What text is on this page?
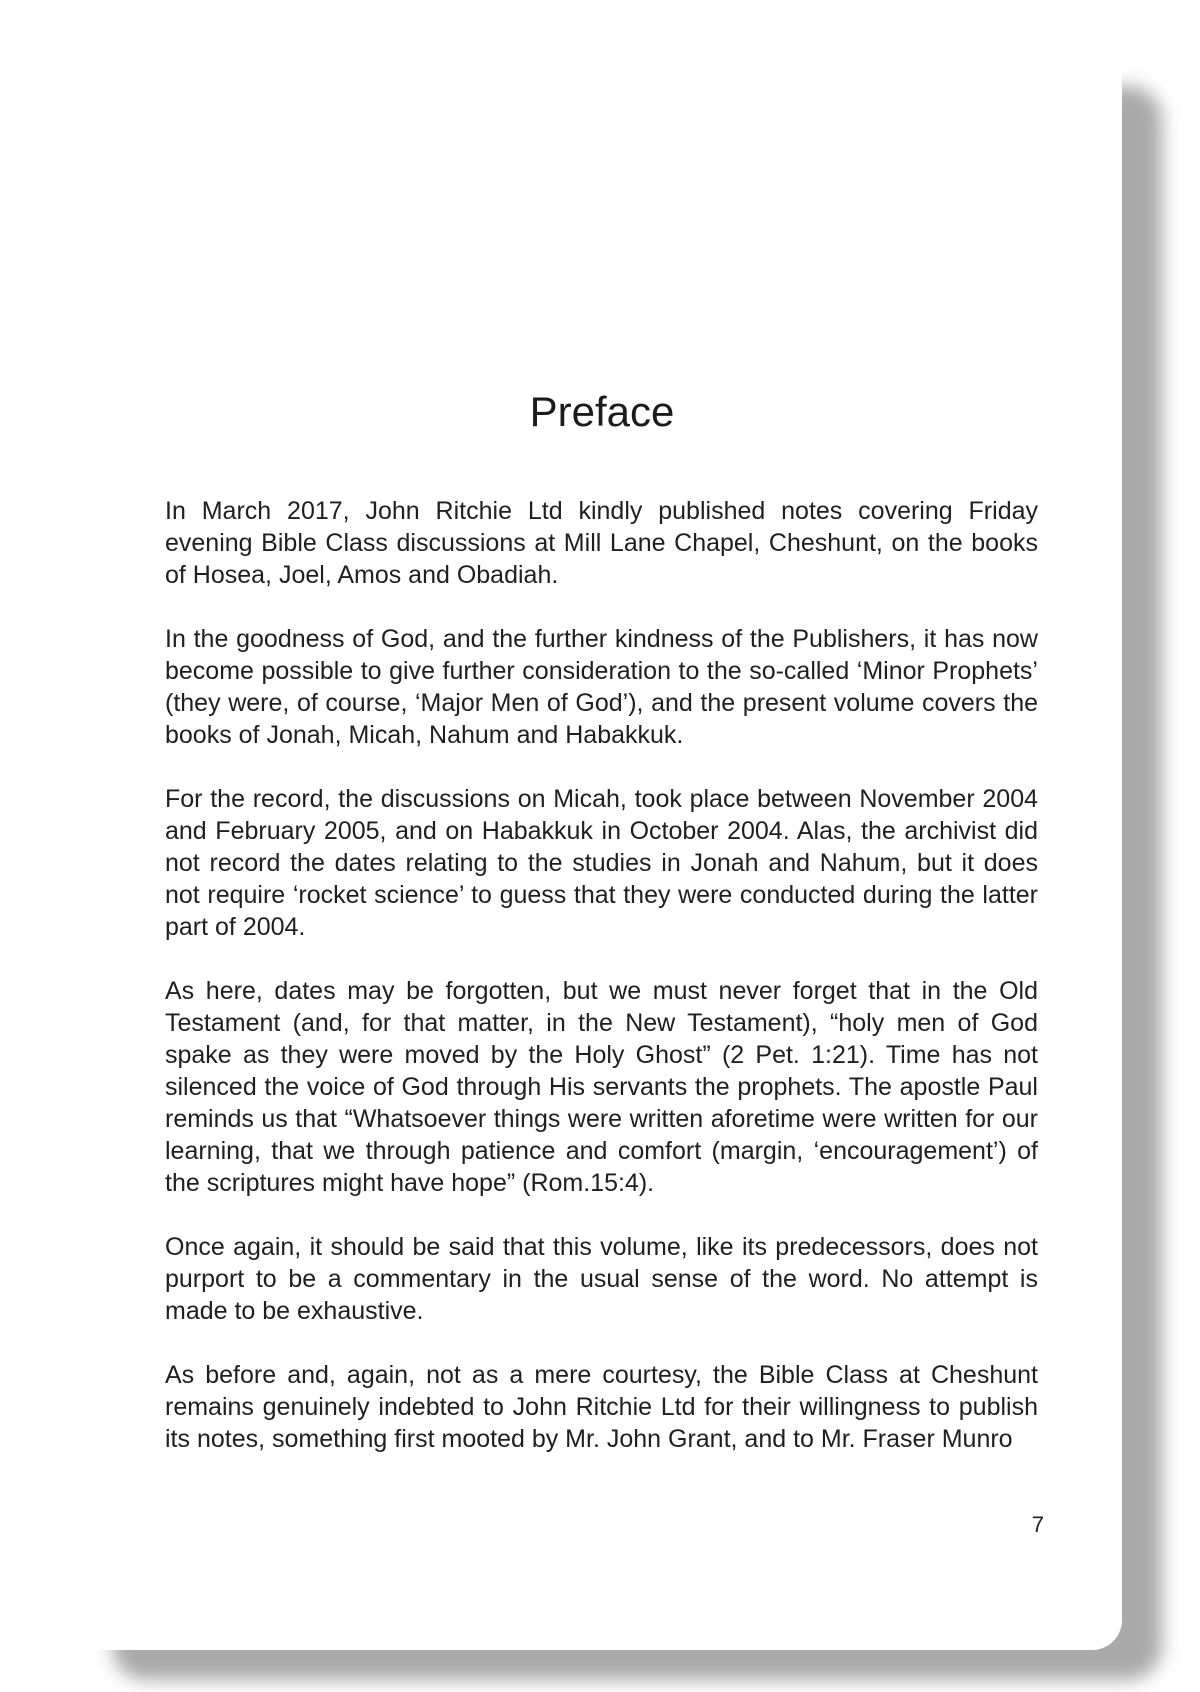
Preface

In March 2017, John Ritchie Ltd kindly published notes covering Friday evening Bible Class discussions at Mill Lane Chapel, Cheshunt, on the books of Hosea, Joel, Amos and Obadiah.

In the goodness of God, and the further kindness of the Publishers, it has now become possible to give further consideration to the so-called ‘Minor Prophets’ (they were, of course, ‘Major Men of God’), and the present volume covers the books of Jonah, Micah, Nahum and Habakkuk.

For the record, the discussions on Micah, took place between November 2004 and February 2005, and on Habakkuk in October 2004. Alas, the archivist did not record the dates relating to the studies in Jonah and Nahum, but it does not require ‘rocket science’ to guess that they were conducted during the latter part of 2004.

As here, dates may be forgotten, but we must never forget that in the Old Testament (and, for that matter, in the New Testament), “holy men of God spake as they were moved by the Holy Ghost” (2 Pet. 1:21). Time has not silenced the voice of God through His servants the prophets. The apostle Paul reminds us that “Whatsoever things were written aforetime were written for our learning, that we through patience and comfort (margin, ‘encouragement’) of the scriptures might have hope” (Rom.15:4).

Once again, it should be said that this volume, like its predecessors, does not purport to be a commentary in the usual sense of the word. No attempt is made to be exhaustive.

As before and, again, not as a mere courtesy, the Bible Class at Cheshunt remains genuinely indebted to John Ritchie Ltd for their willingness to publish its notes, something first mooted by Mr. John Grant, and to Mr. Fraser Munro

7
